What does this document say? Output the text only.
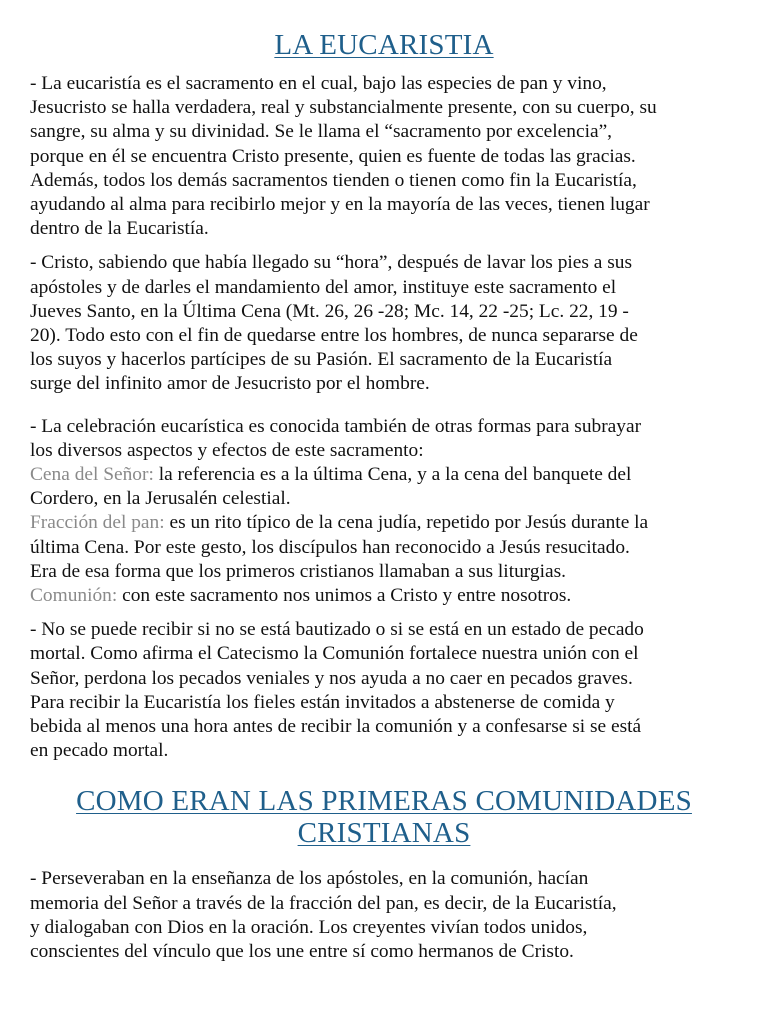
LA EUCARISTIA

- La eucaristía es el sacramento en el cual, bajo las especies de pan y vino,
Jesucristo se halla verdadera, real y substancialmente presente, con su cuerpo, su
sangre, su alma y su divinidad. Se le llama el “sacramento por excelencia”,
porque en él se encuentra Cristo presente, quien es fuente de todas las gracias.
Además, todos los demás sacramentos tienden o tienen como fin la Eucaristía,
ayudando al alma para recibirlo mejor y en la mayoría de las veces, tienen lugar
dentro de la Eucaristía.

- Cristo, sabiendo que había llegado su “hora”, después de lavar los pies a sus
apóstoles y de darles el mandamiento del amor, instituye este sacramento el
Jueves Santo, en la Última Cena (Mt. 26, 26 -28; Mc. 14, 22 -25; Lc. 22, 19 -
20). Todo esto con el fin de quedarse entre los hombres, de nunca separarse de
los suyos y hacerlos partícipes de su Pasión. El sacramento de la Eucaristía
surge del infinito amor de Jesucristo por el hombre.

- La celebración eucarística es conocida también de otras formas para subrayar
los diversos aspectos y efectos de este sacramento:
Cena del Señor: la referencia es a la última Cena, y a la cena del banquete del
Cordero, en la Jerusalén celestial.
Fracción del pan: es un rito típico de la cena judía, repetido por Jesús durante la
última Cena. Por este gesto, los discípulos han reconocido a Jesús resucitado.
Era de esa forma que los primeros cristianos llamaban a sus liturgias.
Comunión: con este sacramento nos unimos a Cristo y entre nosotros.

- No se puede recibir si no se está bautizado o si se está en un estado de pecado
mortal. Como afirma el Catecismo la Comunión fortalece nuestra unión con el
Señor, perdona los pecados veniales y nos ayuda a no caer en pecados graves.
Para recibir la Eucaristía los fieles están invitados a abstenerse de comida y
bebida al menos una hora antes de recibir la comunión y a confesarse si se está
en pecado mortal.

COMO ERAN LAS PRIMERAS COMUNIDADES
CRISTIANAS

- Perseveraban en la enseñanza de los apóstoles, en la comunión, hacían
memoria del Señor a través de la fracción del pan, es decir, de la Eucaristía,
y dialogaban con Dios en la oración. Los creyentes vivían todos unidos,
conscientes del vínculo que los une entre sí como hermanos de Cristo.
